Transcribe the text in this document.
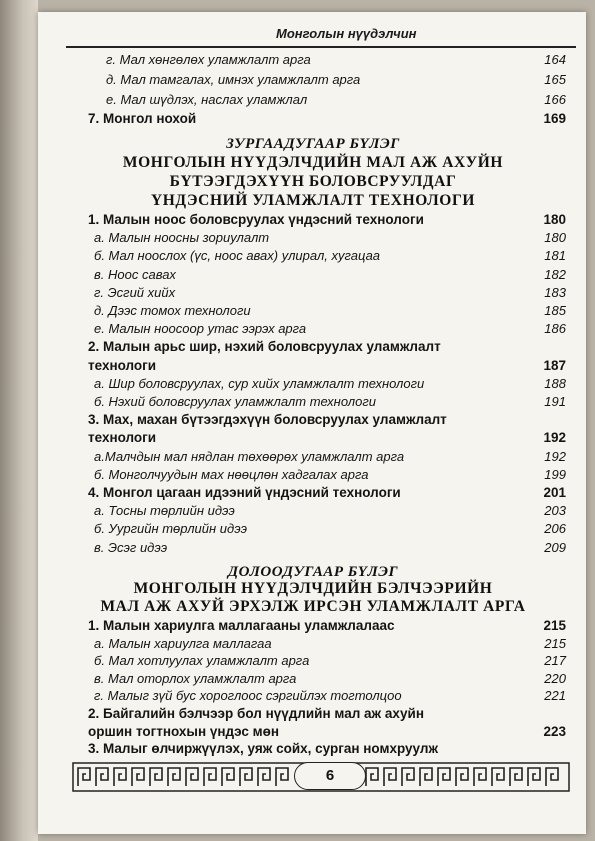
Монголын нүүдэлчин
г. Мал хөнгөлөх уламжлалт арга	164
д. Мал тамгалах, имнэх уламжлалт арга	165
е. Мал шүдлэх, наслах уламжлал	166
7. Монгол нохой	169
ЗУРГААДУГААР БҮЛЭГ
МОНГОЛЫН НҮҮДЭЛЧДИЙН МАЛ АЖ АХУЙН
БҮТЭЭГДЭХҮҮН БОЛОВСРУУЛДАГ
ҮНДЭСНИЙ УЛАМЖЛАЛТ ТЕХНОЛОГИ
1. Малын ноос боловсруулах үндэсний технологи	180
а. Малын ноосны зориулалт	180
б. Мал ноослох (үс, ноос авах) улирал, хугацаа	181
в. Ноос савах	182
г. Эсгий хийх	183
д. Дээс томох технологи	185
е. Малын ноосоор утас ээрэх арга	186
2. Малын арьс шир, нэхий боловсруулах уламжлалт
технологи	187
а. Шир боловсруулах, сур хийх уламжлалт технологи	188
б. Нэхий боловсруулах уламжлалт технологи	191
3. Мах, махан бүтээгдэхүүн боловсруулах уламжлалт
технологи	192
а.Малчдын мал нядлан төхөөрөх уламжлалт арга	192
б. Монголчуудын мах нөөцлөн хадгалах арга	199
4. Монгол цагаан идээний үндэсний технологи	201
а. Тосны төрлийн идээ	203
б. Уургийн төрлийн идээ	206
в. Эсэг идээ	209
ДОЛООДУГААР БҮЛЭГ
МОНГОЛЫН НҮҮДЭЛЧДИЙН БЭЛЧЭЭРИЙН
МАЛ АЖ АХУЙ ЭРХЭЛЖ ИРСЭН УЛАМЖЛАЛТ АРГА
1. Малын хариулга маллагааны уламжлалаас	215
а. Малын хариулга маллагаа	215
б. Мал хотлуулах уламжлалт арга	217
в. Мал оторлох уламжлалт арга	220
г. Малыг зүй бус хороглоос сэргийлэх тогтолцоо	221
2. Байгалийн бэлчээр бол нүүдлийн мал аж ахуйн
оршин тогтнохын үндэс мөн	223
3. Малыг өлчиржүүлэх, уяж сойх, сурган номхруулж
6
